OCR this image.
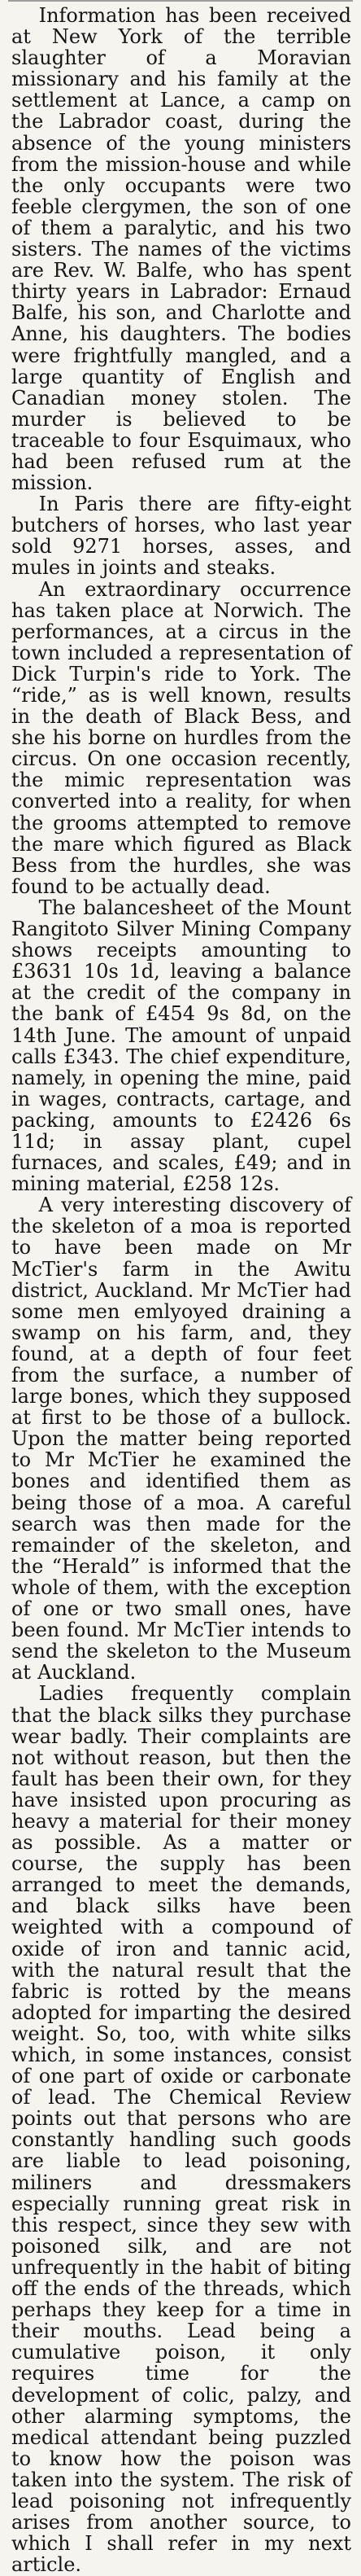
Information has been received at New York of the terrible slaughter of a Moravian missionary and his family at the settlement at Lance, a camp on the Labrador coast, during the absence of the young ministers from the mission-house and while the only occupants were two feeble clergymen, the son of one of them a paralytic, and his two sisters. The names of the victims are Rev. W. Balfe, who has spent thirty years in Labrador: Ernaud Balfe, his son, and Charlotte and Anne, his daughters. The bodies were frightfully mangled, and a large quantity of English and Canadian money stolen. The murder is believed to be traceable to four Esquimaux, who had been refused rum at the mission.

In Paris there are fifty-eight butchers of horses, who last year sold 9271 horses, asses, and mules in joints and steaks.

An extraordinary occurrence has taken place at Norwich. The performances, at a circus in the town included a representation of Dick Turpin's ride to York. The “ride,” as is well known, results in the death of Black Bess, and she his borne on hurdles from the circus. On one occasion recently, the mimic representation was converted into a reality, for when the grooms attempted to remove the mare which figured as Black Bess from the hurdles, she was found to be actually dead.

The balancesheet of the Mount Rangitoto Silver Mining Company shows receipts amounting to £3631 10s 1d, leaving a balance at the credit of the company in the bank of £454 9s 8d, on the 14th June. The amount of unpaid calls £343. The chief expenditure, namely, in opening the mine, paid in wages, contracts, cartage, and packing, amounts to £2426 6s 11d; in assay plant, cupel furnaces, and scales, £49; and in mining material, £258 12s.

A very interesting discovery of the skeleton of a moa is reported to have been made on Mr McTier's farm in the Awitu district, Auckland. Mr McTier had some men emlyoyed draining a swamp on his farm, and, they found, at a depth of four feet from the surface, a number of large bones, which they supposed at first to be those of a bullock. Upon the matter being reported to Mr McTier he examined the bones and identified them as being those of a moa. A careful search was then made for the remainder of the skeleton, and the “Herald” is informed that the whole of them, with the exception of one or two small ones, have been found. Mr McTier intends to send the skeleton to the Museum at Auckland.

Ladies frequently complain that the black silks they purchase wear badly. Their complaints are not without reason, but then the fault has been their own, for they have insisted upon procuring as heavy a material for their money as possible. As a matter or course, the supply has been arranged to meet the demands, and black silks have been weighted with a compound of oxide of iron and tannic acid, with the natural result that the fabric is rotted by the means adopted for imparting the desired weight. So, too, with white silks which, in some instances, consist of one part of oxide or carbonate of lead. The Chemical Review points out that persons who are constantly handling such goods are liable to lead poisoning, miliners and dressmakers especially running great risk in this respect, since they sew with poisoned silk, and are not unfrequently in the habit of biting off the ends of the threads, which perhaps they keep for a time in their mouths. Lead being a cumulative poison, it only requires time for the development of colic, palzy, and other alarming symptoms, the medical attendant being puzzled to know how the poison was taken into the system. The risk of lead poisoning not infrequently arises from another source, to which I shall refer in my next article.
